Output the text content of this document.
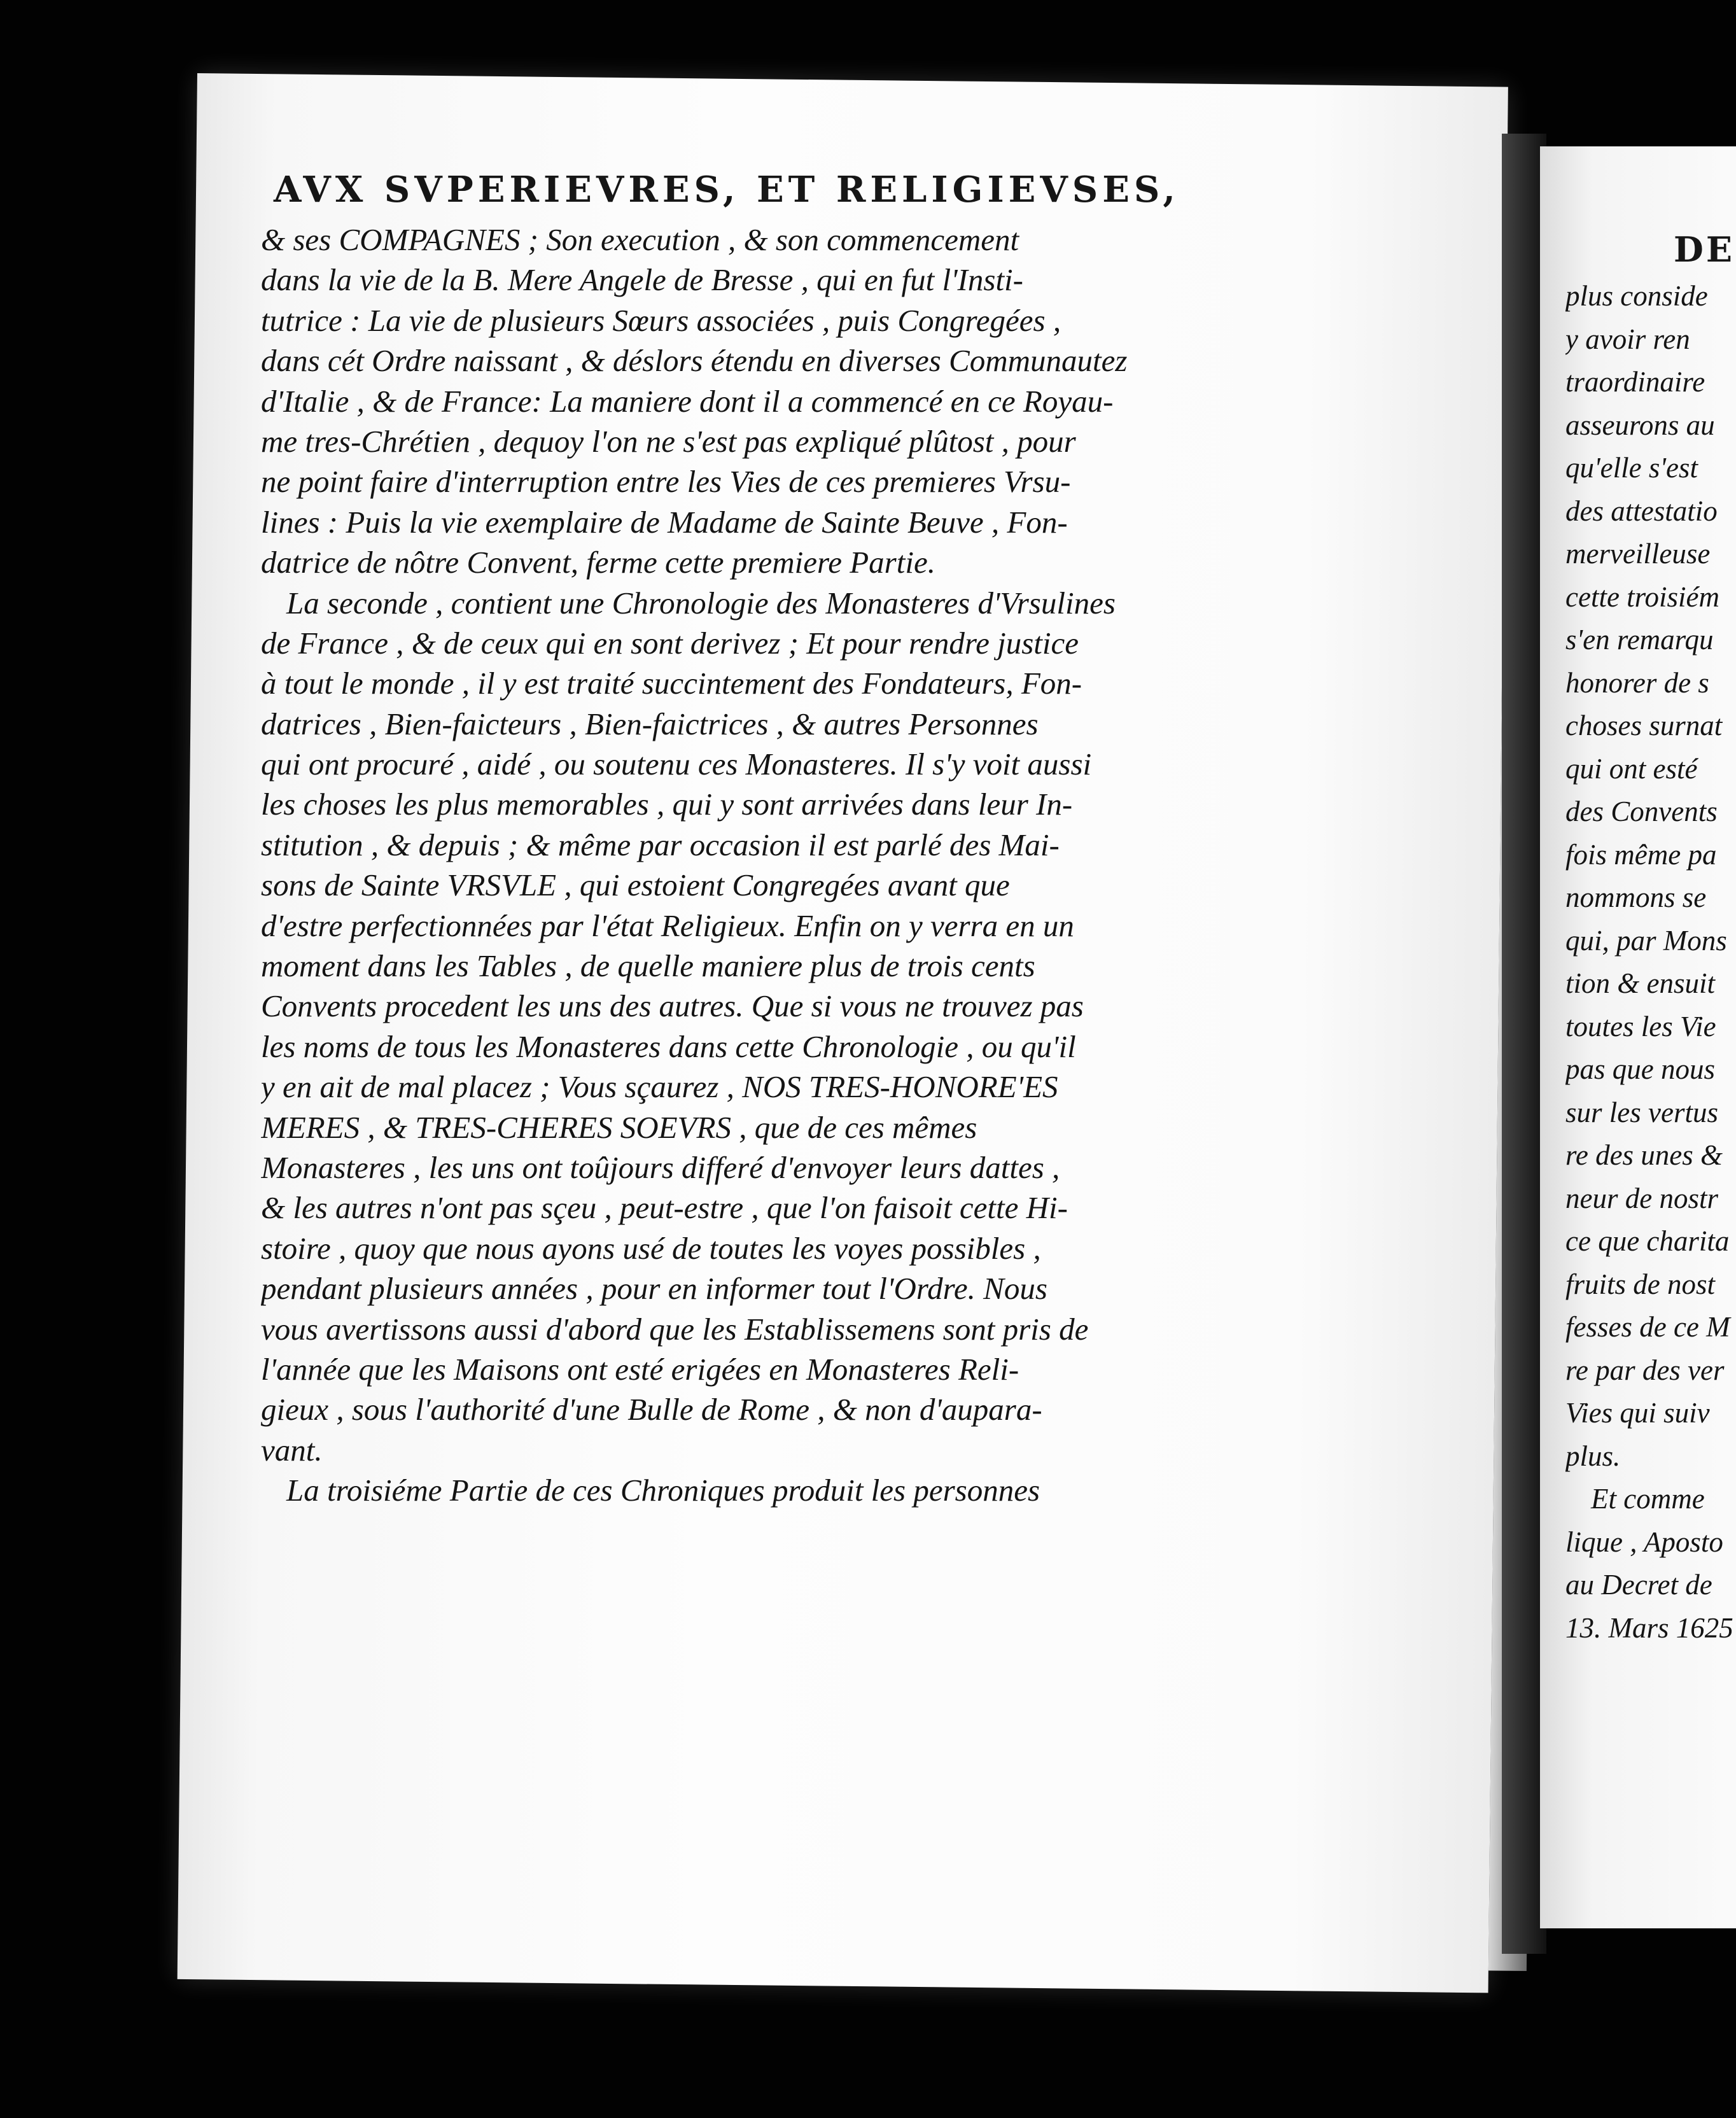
AVX SVPERIEVRES, ET RELIGIEVSES,
& ses COMPAGNES ; Son execution , & son commencement
dans la vie de la B. Mere Angele de Bresse , qui en fut l'Insti-
tutrice : La vie de plusieurs Sœurs associées , puis Congregées ,
dans cét Ordre naissant , & déslors étendu en diverses Communautez
d'Italie , & de France: La maniere dont il a commencé en ce Royau-
me tres-Chrétien , dequoy l'on ne s'est pas expliqué plûtost , pour
ne point faire d'interruption entre les Vies de ces premieres Vrsu-
lines : Puis la vie exemplaire de Madame de Sainte Beuve , Fon-
datrice de nôtre Convent, ferme cette premiere Partie.
La seconde , contient une Chronologie des Monasteres d'Vrsulines
de France , & de ceux qui en sont derivez ; Et pour rendre justice
à tout le monde , il y est traité succintement des Fondateurs, Fon-
datrices , Bien-faicteurs , Bien-faictrices , & autres Personnes
qui ont procuré , aidé , ou soutenu ces Monasteres. Il s'y voit aussi
les choses les plus memorables , qui y sont arrivées dans leur In-
stitution , & depuis ; & même par occasion il est parlé des Mai-
sons de Sainte VRSVLE , qui estoient Congregées avant que
d'estre perfectionnées par l'état Religieux. Enfin on y verra en un
moment dans les Tables , de quelle maniere plus de trois cents
Convents procedent les uns des autres. Que si vous ne trouvez pas
les noms de tous les Monasteres dans cette Chronologie , ou qu'il
y en ait de mal placez ; Vous sçaurez , NOS TRES-HONORE'ES
MERES , & TRES-CHERES SOEVRS , que de ces mêmes
Monasteres , les uns ont toûjours differé d'envoyer leurs dattes ,
& les autres n'ont pas sçeu , peut-estre , que l'on faisoit cette Hi-
stoire , quoy que nous ayons usé de toutes les voyes possibles ,
pendant plusieurs années , pour en informer tout l'Ordre. Nous
vous avertissons aussi d'abord que les Establissemens sont pris de
l'année que les Maisons ont esté erigées en Monasteres Reli-
gieux , sous l'authorité d'une Bulle de Rome , & non d'aupara-
vant.
La troisiéme Partie de ces Chroniques produit les personnes
DE
plus conside
y avoir ren
traordinaire
asseurons au
qu'elle s'est
des attestatio
merveilleuse
cette troisiém
s'en remarqu
honorer de s
choses surnat
qui ont esté
des Convents
fois même pa
nommons se
qui, par Mons
tion & ensuit
toutes les Vie
pas que nous
sur les vertus
re des unes &
neur de nostr
ce que charita
fruits de nost
fesses de ce M
re par des ver
Vies qui suiv
plus.
Et comme
lique , Aposto
au Decret de
13. Mars 1625
